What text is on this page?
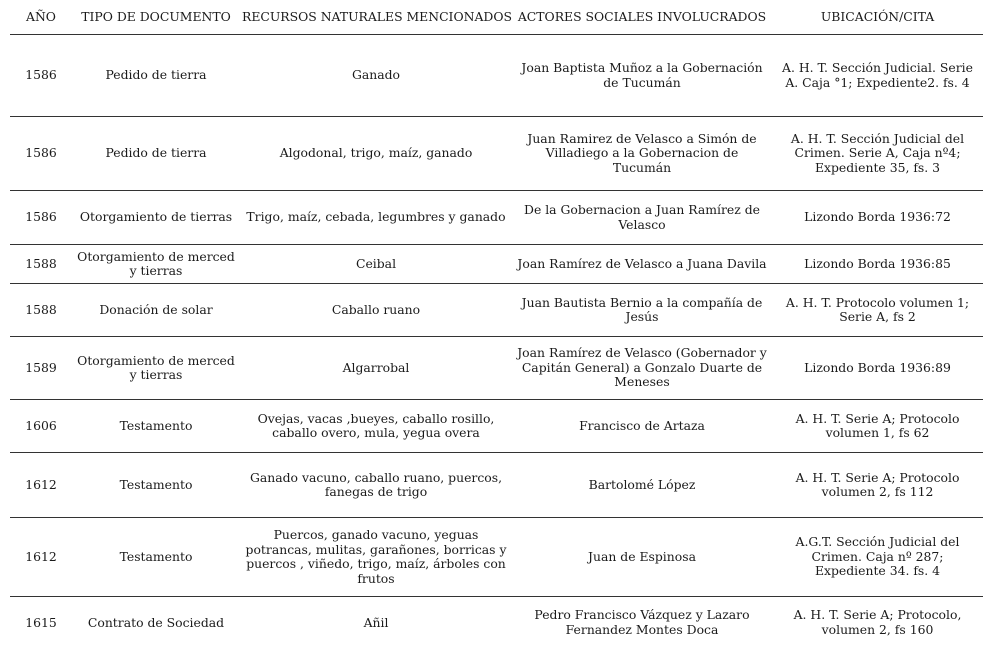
AÑO	TIPO DE DOCUMENTO	RECURSOS NATURALES MENCIONADOS	ACTORES SOCIALES INVOLUCRADOS	UBICACIÓN/CITA
1586	Pedido de tierra	Ganado	Joan Baptista Muñoz a la Gobernación de Tucumán	A. H. T. Sección Judicial. Serie A. Caja °1; Expediente2. fs. 4
1586	Pedido de tierra	Algodonal, trigo, maíz, ganado	Juan Ramirez de Velasco a Simón de Villadiego a la Gobernacion de Tucumán	A. H. T. Sección Judicial del Crimen. Serie A, Caja nº4; Expediente 35, fs. 3
1586	Otorgamiento de tierras	Trigo, maíz, cebada, legumbres y ganado	De la Gobernacion a Juan Ramírez de Velasco	Lizondo Borda 1936:72
1588	Otorgamiento de merced y tierras	Ceibal	Joan Ramírez de Velasco a Juana Davila	Lizondo Borda 1936:85
1588	Donación de solar	Caballo ruano	Juan Bautista Bernio a la compañía de Jesús	A. H. T. Protocolo volumen 1; Serie A, fs 2
1589	Otorgamiento de merced y tierras	Algarrobal	Joan Ramírez de Velasco (Gobernador y Capitán General) a Gonzalo Duarte de Meneses	Lizondo Borda 1936:89
1606	Testamento	Ovejas, vacas ,bueyes, caballo rosillo, caballo overo, mula, yegua overa	Francisco de Artaza	A. H. T. Serie A; Protocolo volumen 1, fs 62
1612	Testamento	Ganado vacuno, caballo ruano, puercos, fanegas de trigo	Bartolomé López	A. H. T. Serie A; Protocolo volumen 2, fs 112
1612	Testamento	Puercos, ganado vacuno, yeguas potrancas, mulitas, garañones, borricas y puercos , viñedo, trigo, maíz, árboles con frutos	Juan de Espinosa	A.G.T. Sección Judicial del Crimen. Caja nº 287; Expediente 34. fs. 4
1615	Contrato de Sociedad	Añil	Pedro Francisco Vázquez y Lazaro Fernandez Montes Doca	A. H. T. Serie A; Protocolo, volumen 2, fs 160
